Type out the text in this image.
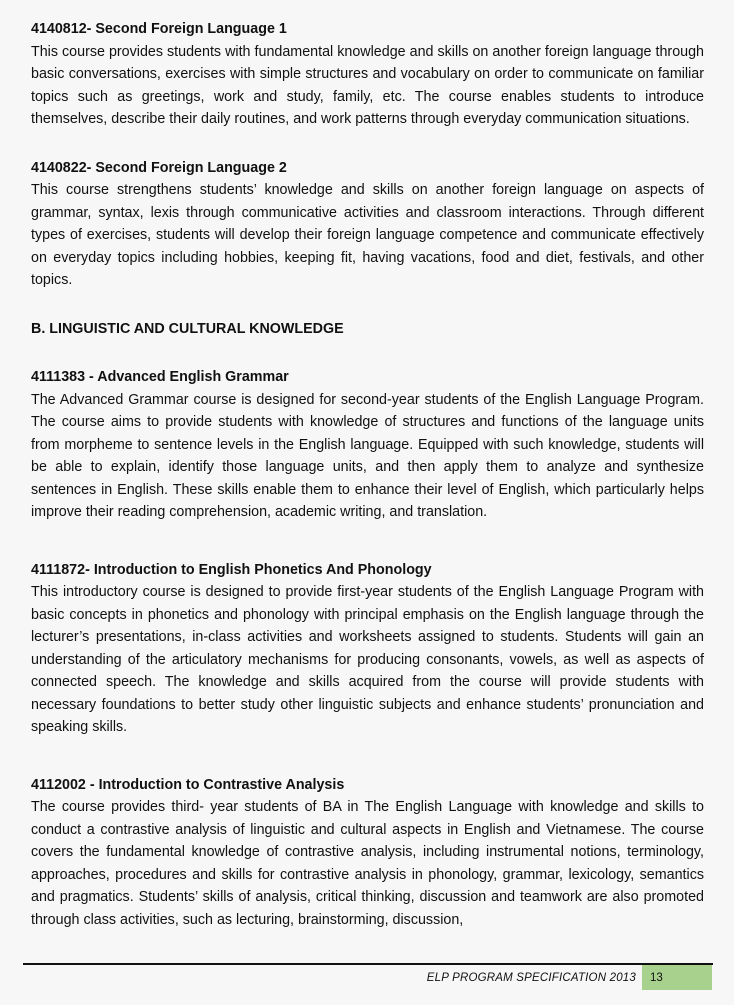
4140812- Second Foreign Language 1

This course provides students with fundamental knowledge and skills on another foreign language through basic conversations, exercises with simple structures and vocabulary on order to communicate on familiar topics such as greetings, work and study, family, etc. The course enables students to introduce themselves, describe their daily routines, and work patterns through everyday communication situations.

4140822- Second Foreign Language 2

This course strengthens students’ knowledge and skills on another foreign language on aspects of grammar, syntax, lexis through communicative activities and classroom interactions. Through different types of exercises, students will develop their foreign language competence and communicate effectively on everyday topics including hobbies, keeping fit, having vacations, food and diet, festivals, and other topics.

B. LINGUISTIC AND CULTURAL KNOWLEDGE

4111383 - Advanced English Grammar

The Advanced Grammar course is designed for second-year students of the English Language Program. The course aims to provide students with knowledge of structures and functions of the language units from morpheme to sentence levels in the English language. Equipped with such knowledge, students will be able to explain, identify those language units, and then apply them to analyze and synthesize sentences in English. These skills enable them to enhance their level of English, which particularly helps improve their reading comprehension, academic writing, and translation.

4111872- Introduction to English Phonetics And Phonology

This introductory course is designed to provide first-year students of the English Language Program with basic concepts in phonetics and phonology with principal emphasis on the English language through the lecturer’s presentations, in-class activities and worksheets assigned to students. Students will gain an understanding of the articulatory mechanisms for producing consonants, vowels, as well as aspects of connected speech. The knowledge and skills acquired from the course will provide students with necessary foundations to better study other linguistic subjects and enhance students’ pronunciation and speaking skills.

4112002 - Introduction to Contrastive Analysis

The course provides third- year students of BA in The English Language with knowledge and skills to conduct a contrastive analysis of linguistic and cultural aspects in English and Vietnamese. The course covers the fundamental knowledge of contrastive analysis, including instrumental notions, terminology, approaches, procedures and skills for contrastive analysis in phonology, grammar, lexicology, semantics and pragmatics. Students’ skills of analysis, critical thinking, discussion and teamwork are also promoted through class activities, such as lecturing, brainstorming, discussion,

ELP PROGRAM SPECIFICATION 2013 13
